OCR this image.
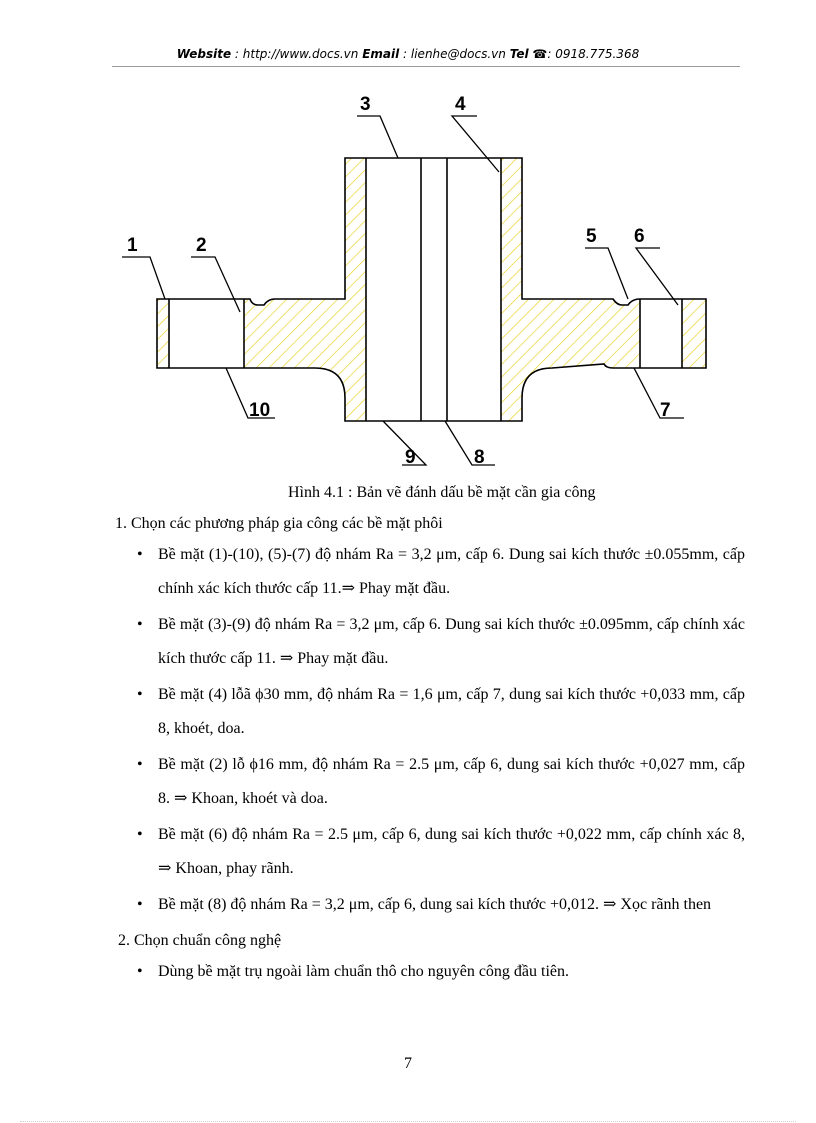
Website : http://www.docs.vn Email : lienhe@docs.vn Tel ☎: 0918.775.368
1	2
3	4
5 6
7
8
9
10
Hình 4.1 : Bản vẽ đánh dấu bề mặt cần gia công

1. Chọn các phương pháp gia công các bề mặt phôi

• Bề mặt (1)-(10), (5)-(7) độ nhám Ra = 3,2 μm, cấp 6. Dung sai kích thước ±0.055mm, cấp chính xác kích thước cấp 11.⇒ Phay mặt đầu.
• Bề mặt (3)-(9) độ nhám Ra = 3,2 μm, cấp 6. Dung sai kích thước ±0.095mm, cấp chính xác kích thước cấp 11. ⇒ Phay mặt đầu.
• Bề mặt (4) lỗã ϕ30 mm, độ nhám Ra = 1,6 μm, cấp 7, dung sai kích thước +0,033 mm, cấp 8, khoét, doa.
• Bề mặt (2) lỗ ϕ16 mm, độ nhám Ra = 2.5 μm, cấp 6, dung sai kích thước +0,027 mm, cấp 8. ⇒ Khoan, khoét và doa.
• Bề mặt (6) độ nhám Ra = 2.5 μm, cấp 6, dung sai kích thước +0,022 mm, cấp chính xác 8, ⇒ Khoan, phay rãnh.
• Bề mặt (8) độ nhám Ra = 3,2 μm, cấp 6, dung sai kích thước +0,012. ⇒ Xọc rãnh then

2. Chọn chuẩn công nghệ

• Dùng bề mặt trụ ngoài làm chuẩn thô cho nguyên công đầu tiên.
7
